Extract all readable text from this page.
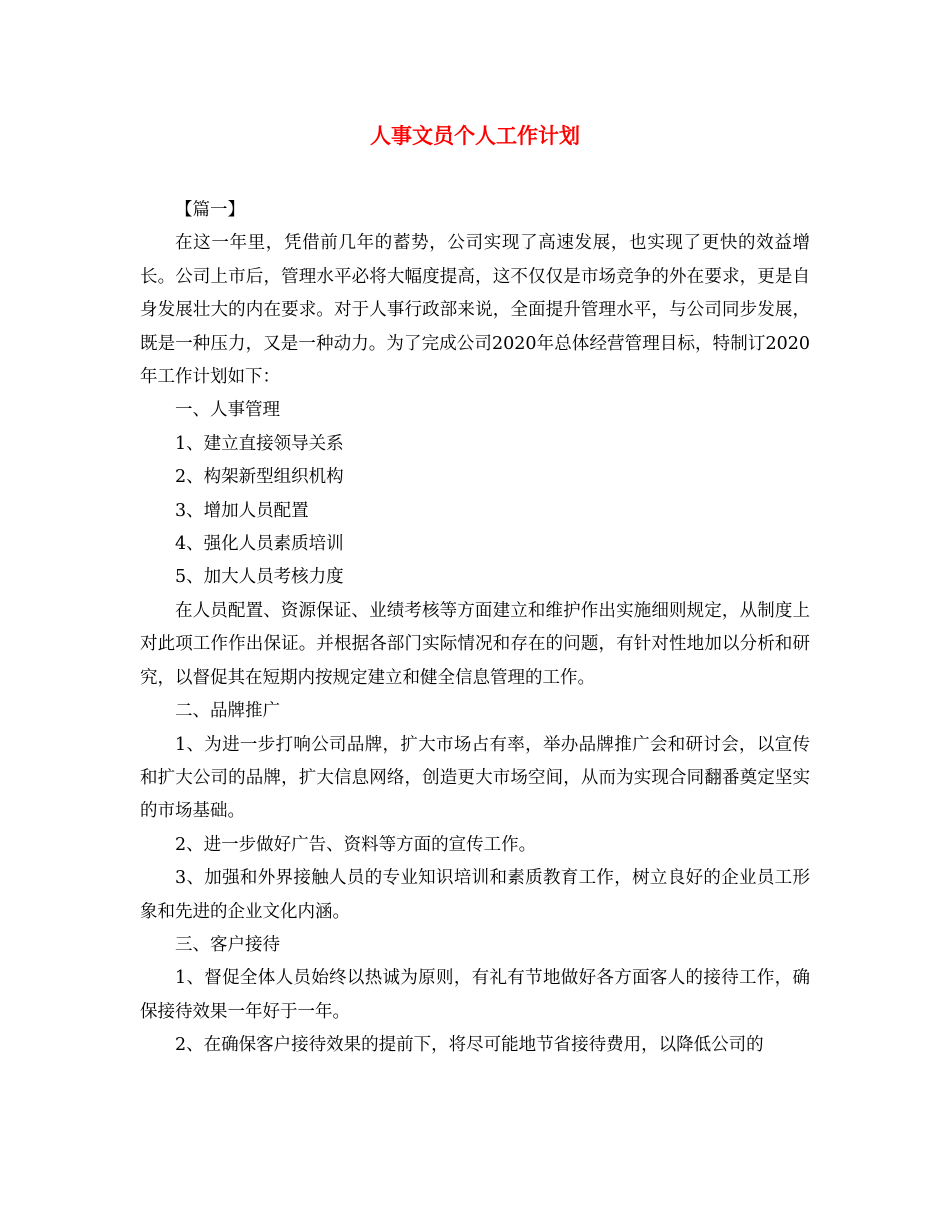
人事文员个人工作计划

【篇一】

在这一年里，凭借前几年的蓄势，公司实现了高速发展，也实现了更快的效益增长。公司上市后，管理水平必将大幅度提高，这不仅仅是市场竞争的外在要求，更是自身发展壮大的内在要求。对于人事行政部来说，全面提升管理水平，与公司同步发展，既是一种压力，又是一种动力。为了完成公司2020年总体经营管理目标，特制订2020年工作计划如下：

一、人事管理

1、建立直接领导关系

2、构架新型组织机构

3、增加人员配置

4、强化人员素质培训

5、加大人员考核力度

在人员配置、资源保证、业绩考核等方面建立和维护作出实施细则规定，从制度上对此项工作作出保证。并根据各部门实际情况和存在的问题，有针对性地加以分析和研究，以督促其在短期内按规定建立和健全信息管理的工作。

二、品牌推广

1、为进一步打响公司品牌，扩大市场占有率，举办品牌推广会和研讨会，以宣传和扩大公司的品牌，扩大信息网络，创造更大市场空间，从而为实现合同翻番奠定坚实的市场基础。

2、进一步做好广告、资料等方面的宣传工作。

3、加强和外界接触人员的专业知识培训和素质教育工作，树立良好的企业员工形象和先进的企业文化内涵。

三、客户接待

1、督促全体人员始终以热诚为原则，有礼有节地做好各方面客人的接待工作，确保接待效果一年好于一年。

2、在确保客户接待效果的提前下，将尽可能地节省接待费用，以降低公司的
